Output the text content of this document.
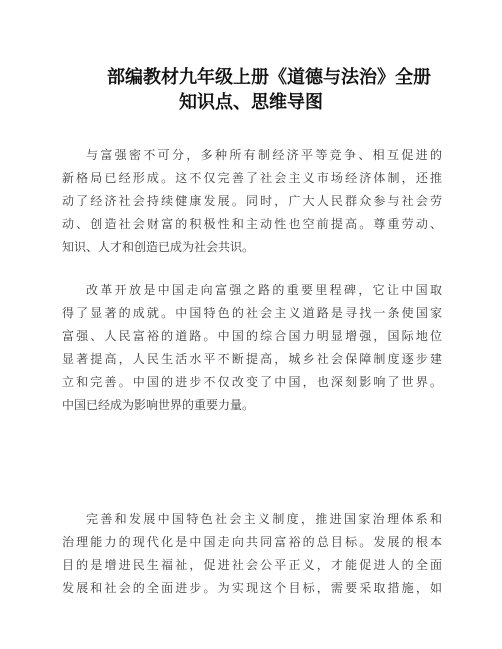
部编教材九年级上册《道德与法治》全册
知识点、思维导图
与富强密不可分，多种所有制经济平等竞争、相互促进的
新格局已经形成。这不仅完善了社会主义市场经济体制，还推
动了经济社会持续健康发展。同时，广大人民群众参与社会劳
动、创造社会财富的积极性和主动性也空前提高。尊重劳动、
知识、人才和创造已成为社会共识。
改革开放是中国走向富强之路的重要里程碑，它让中国取
得了显著的成就。中国特色的社会主义道路是寻找一条使国家
富强、人民富裕的道路。中国的综合国力明显增强，国际地位
显著提高，人民生活水平不断提高，城乡社会保障制度逐步建
立和完善。中国的进步不仅改变了中国，也深刻影响了世界。
中国已经成为影响世界的重要力量。
完善和发展中国特色社会主义制度，推进国家治理体系和
治理能力的现代化是中国走向共同富裕的总目标。发展的根本
目的是增进民生福祉，促进社会公平正义，才能促进人的全面
发展和社会的全面进步。为实现这个目标，需要采取措施，如
